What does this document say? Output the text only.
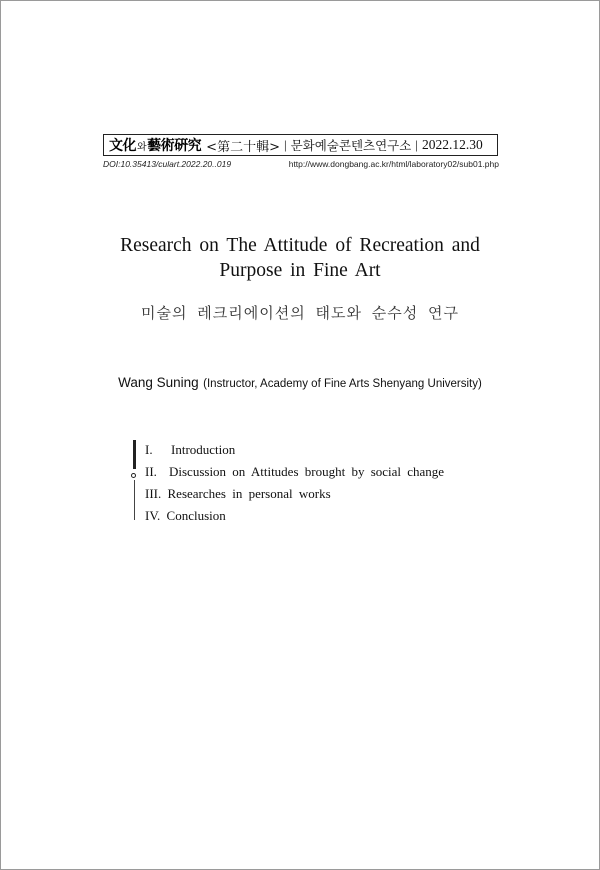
文化와藝術硏究 <第二十輯> | 문화예술콘텐츠연구소 | 2022.12.30
DOI:10.35413/culart.2022.20..019	http://www.dongbang.ac.kr/html/laboratory02/sub01.php
Research on The Attitude of Recreation and
Purpose in Fine Art
미술의 레크리에이션의 태도와 순수성 연구
Wang Suning (Instructor, Academy of Fine Arts Shenyang University)
I. Introduction
II. Discussion on Attitudes brought by social change
III. Researches in personal works
IV. Conclusion
